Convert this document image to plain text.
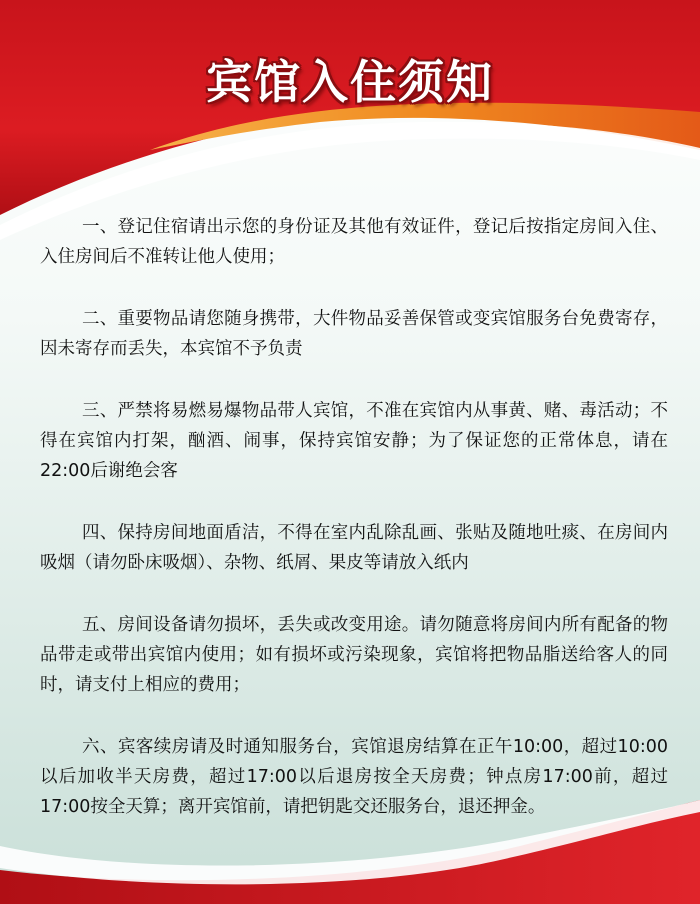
宾馆入住须知
一、登记住宿请出示您的身份证及其他有效证件，登记后按指定房间入住、入住房间后不准转让他人使用；
二、重要物品请您随身携带，大件物品妥善保管或变宾馆服务台免费寄存，因未寄存而丢失，本宾馆不予负责
三、严禁将易燃易爆物品带人宾馆，不准在宾馆内从事黄、赌、毒活动；不得在宾馆内打架，酗酒、闹事，保持宾馆安静；为了保证您的正常体息，请在22:00后谢绝会客
四、保持房间地面盾洁，不得在室内乱除乱画、张贴及随地吐痰、在房间内吸烟（请勿卧床吸烟）、杂物、纸屑、果皮等请放入纸内
五、房间设备请勿损坏，丢失或改变用途。请勿随意将房间内所有配备的物品带走或带出宾馆内使用；如有损坏或污染现象，宾馆将把物品脂送给客人的同时，请支付上相应的费用；
六、宾客续房请及时通知服务台，宾馆退房结算在正午10:00，超过10:00以后加收半天房费，超过17:00以后退房按全天房费；钟点房17:00前，超过17:00按全天算；离开宾馆前，请把钥匙交还服务台，退还押金。
